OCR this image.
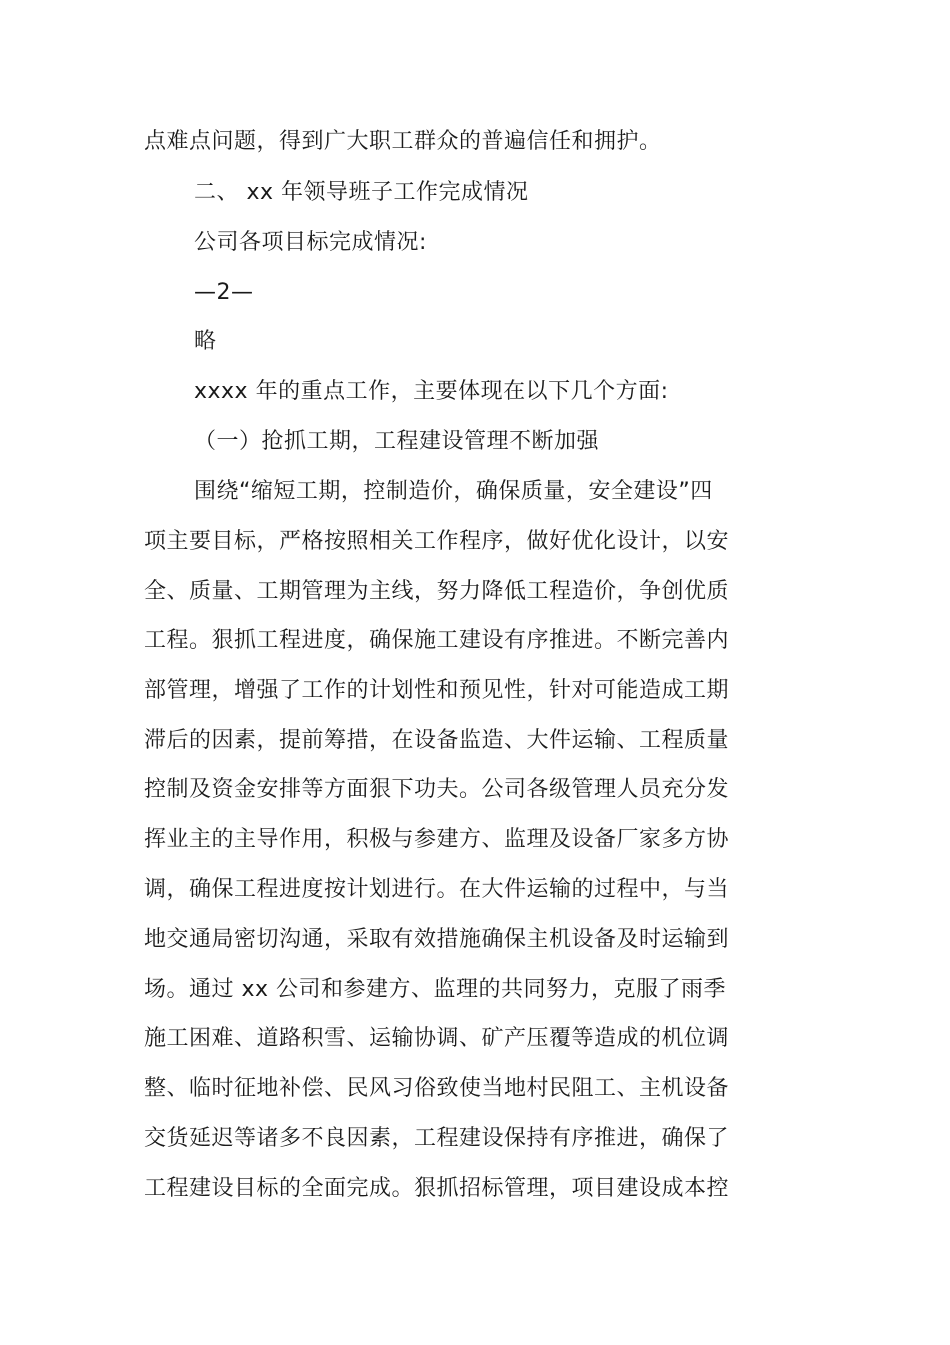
点难点问题，得到广大职工群众的普遍信任和拥护。
二、 xx 年领导班子工作完成情况
公司各项目标完成情况:
—2—
略
xxxx 年的重点工作，主要体现在以下几个方面:
（一）抢抓工期，工程建设管理不断加强
围绕“缩短工期，控制造价，确保质量，安全建设”四
项主要目标，严格按照相关工作程序，做好优化设计，以安
全、质量、工期管理为主线，努力降低工程造价，争创优质
工程。狠抓工程进度，确保施工建设有序推进。不断完善内
部管理，增强了工作的计划性和预见性，针对可能造成工期
滞后的因素，提前筹措，在设备监造、大件运输、工程质量
控制及资金安排等方面狠下功夫。公司各级管理人员充分发
挥业主的主导作用，积极与参建方、监理及设备厂家多方协
调，确保工程进度按计划进行。在大件运输的过程中，与当
地交通局密切沟通，采取有效措施确保主机设备及时运输到
场。通过 xx 公司和参建方、监理的共同努力，克服了雨季
施工困难、道路积雪、运输协调、矿产压覆等造成的机位调
整、临时征地补偿、民风习俗致使当地村民阻工、主机设备
交货延迟等诸多不良因素，工程建设保持有序推进，确保了
工程建设目标的全面完成。狠抓招标管理，项目建设成本控
